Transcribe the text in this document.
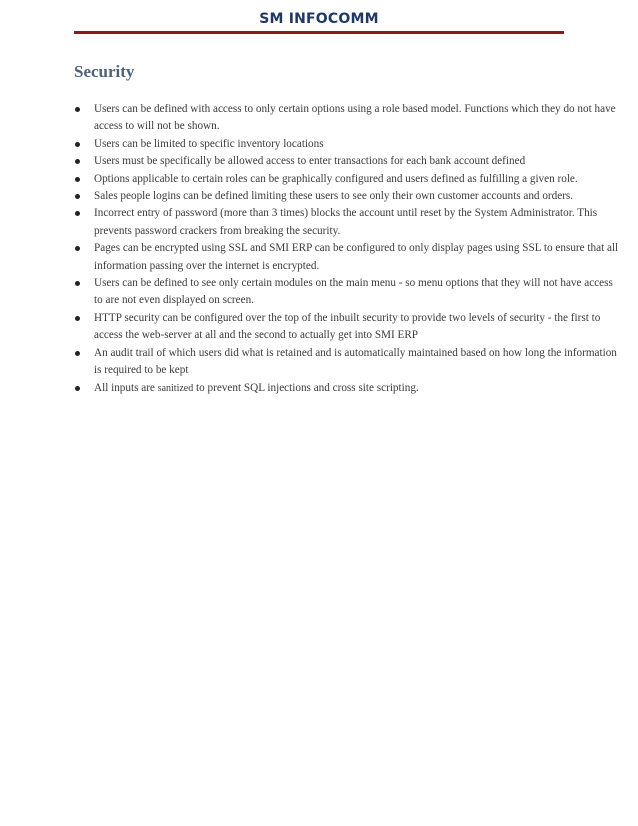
SM INFOCOMM
Security
Users can be defined with access to only certain options using a role based model. Functions which they do not have access to will not be shown.
Users can be limited to specific inventory locations
Users must be specifically be allowed access to enter transactions for each bank account defined
Options applicable to certain roles can be graphically configured and users defined as fulfilling a given role.
Sales people logins can be defined limiting these users to see only their own customer accounts and orders.
Incorrect entry of password (more than 3 times) blocks the account until reset by the System Administrator. This prevents password crackers from breaking the security.
Pages can be encrypted using SSL and SMI ERP can be configured to only display pages using SSL to ensure that all information passing over the internet is encrypted.
Users can be defined to see only certain modules on the main menu - so menu options that they will not have access to are not even displayed on screen.
HTTP security can be configured over the top of the inbuilt security to provide two levels of security - the first to access the web-server at all and the second to actually get into SMI ERP
An audit trail of which users did what is retained and is automatically maintained based on how long the information is required to be kept
All inputs are sanitized to prevent SQL injections and cross site scripting.
